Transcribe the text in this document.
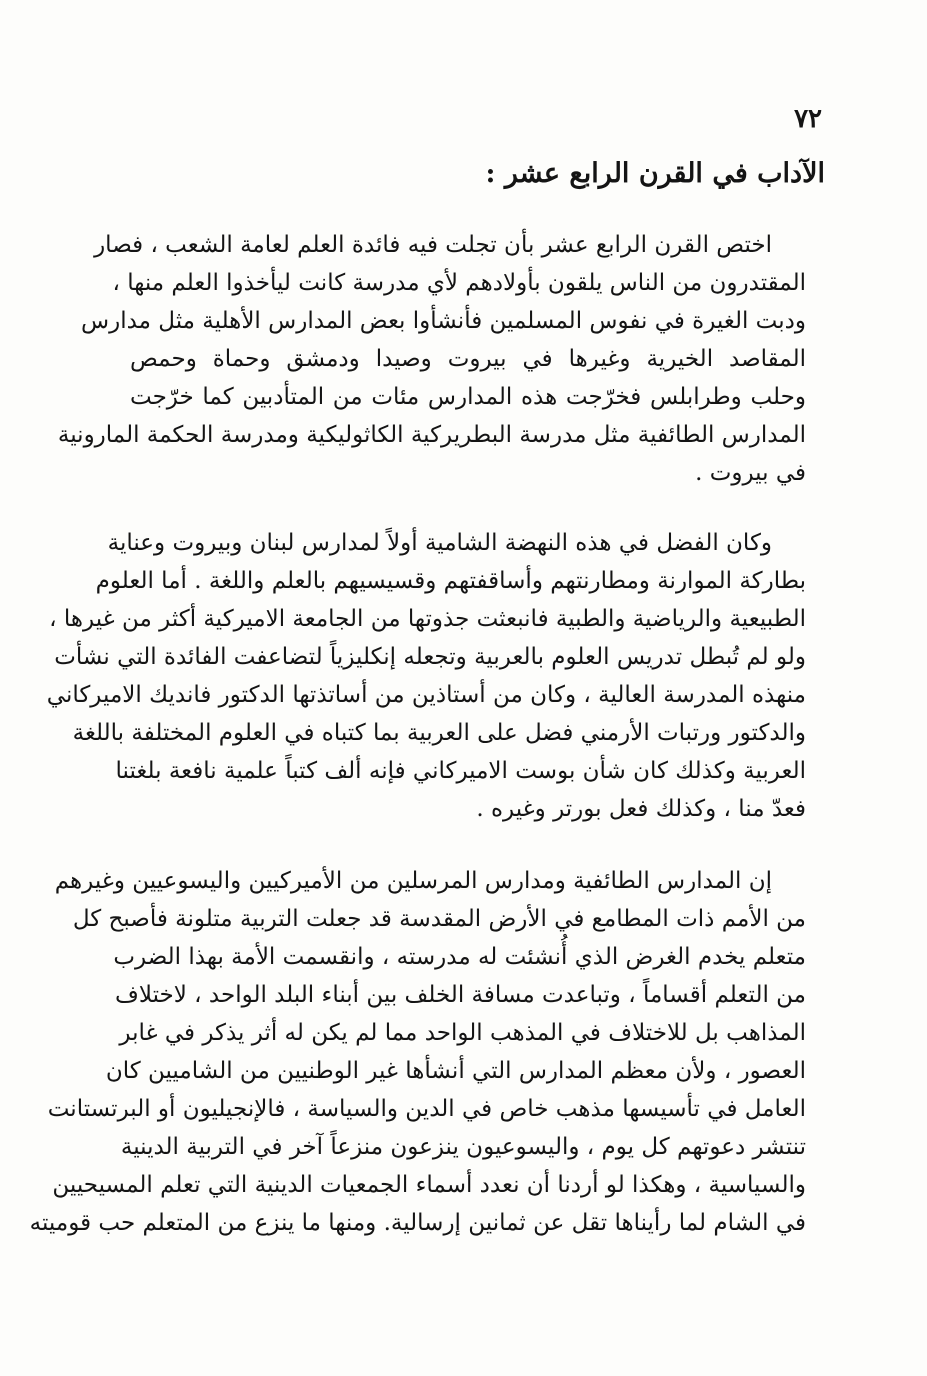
٧٢
الآداب في القرن الرابع عشر :
اختص القرن الرابع عشر بأن تجلت فيه فائدة العلم لعامة الشعب ، فصار
المقتدرون من الناس يلقون بأولادهم لأي مدرسة كانت ليأخذوا العلم منها ،
ودبت الغيرة في نفوس المسلمين فأنشأوا بعض المدارس الأهلية مثل مدارس
المقاصد الخيرية وغيرها في بيروت وصيدا ودمشق وحماة وحمص
وحلب وطرابلس فخرّجت هذه المدارس مئات من المتأدبين كما خرّجت
المدارس الطائفية مثل مدرسة البطريركية الكاثوليكية ومدرسة الحكمة المارونية
في بيروت .
وكان الفضل في هذه النهضة الشامية أولاً لمدارس لبنان وبيروت وعناية
بطاركة الموارنة ومطارنتهم وأساقفتهم وقسيسيهم بالعلم واللغة . أما العلوم
الطبيعية والرياضية والطبية فانبعثت جذوتها من الجامعة الاميركية أكثر من غيرها ،
ولو لم تُبطل تدريس العلوم بالعربية وتجعله إنكليزياً لتضاعفت الفائدة التي نشأت
منهذه المدرسة العالية ، وكان من أستاذين من أساتذتها الدكتور فانديك الاميركاني
والدكتور ورتبات الأرمني فضل على العربية بما كتباه في العلوم المختلفة باللغة
العربية وكذلك كان شأن بوست الاميركاني فإنه ألف كتباً علمية نافعة بلغتنا
فعدّ منا ، وكذلك فعل بورتر وغيره .
إن المدارس الطائفية ومدارس المرسلين من الأميركيين واليسوعيين وغيرهم
من الأمم ذات المطامع في الأرض المقدسة قد جعلت التربية متلونة فأصبح كل
متعلم يخدم الغرض الذي أُنشئت له مدرسته ، وانقسمت الأمة بهذا الضرب
من التعلم أقساماً ، وتباعدت مسافة الخلف بين أبناء البلد الواحد ، لاختلاف
المذاهب بل للاختلاف في المذهب الواحد مما لم يكن له أثر يذكر في غابر
العصور ، ولأن معظم المدارس التي أنشأها غير الوطنيين من الشاميين كان
العامل في تأسيسها مذهب خاص في الدين والسياسة ، فالإنجيليون أو البرتستانت
تنتشر دعوتهم كل يوم ، واليسوعيون ينزعون منزعاً آخر في التربية الدينية
والسياسية ، وهكذا لو أردنا أن نعدد أسماء الجمعيات الدينية التي تعلم المسيحيين
في الشام لما رأيناها تقل عن ثمانين إرسالية. ومنها ما ينزع من المتعلم حب قوميته
